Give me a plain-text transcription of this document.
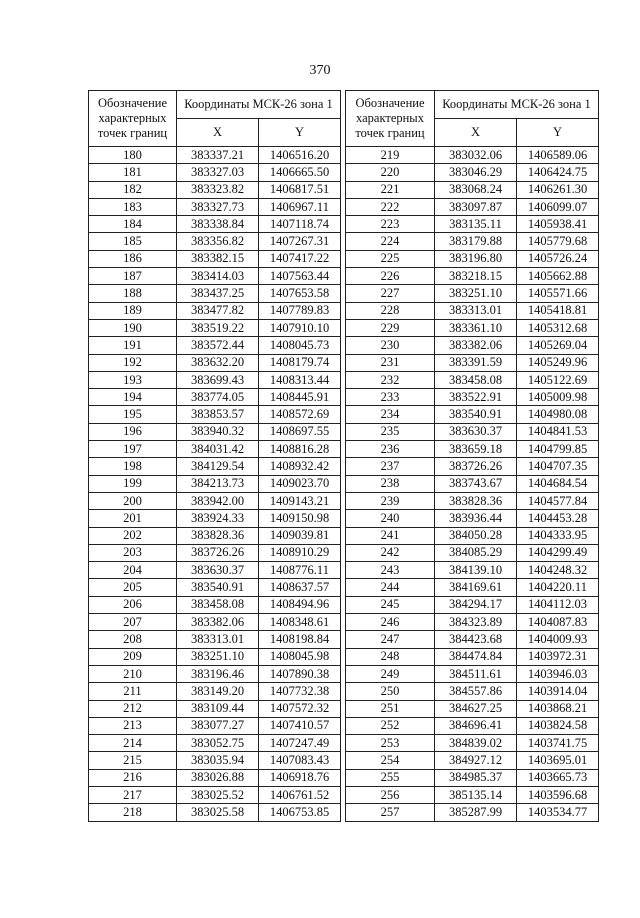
370
Обозначение характерных точек границ	Координаты МСК-26 зона 1	
	X	Y
180	383337.21	1406516.20
181	383327.03	1406665.50
182	383323.82	1406817.51
183	383327.73	1406967.11
184	383338.84	1407118.74
185	383356.82	1407267.31
186	383382.15	1407417.22
187	383414.03	1407563.44
188	383437.25	1407653.58
189	383477.82	1407789.83
190	383519.22	1407910.10
191	383572.44	1408045.73
192	383632.20	1408179.74
193	383699.43	1408313.44
194	383774.05	1408445.91
195	383853.57	1408572.69
196	383940.32	1408697.55
197	384031.42	1408816.28
198	384129.54	1408932.42
199	384213.73	1409023.70
200	383942.00	1409143.21
201	383924.33	1409150.98
202	383828.36	1409039.81
203	383726.26	1408910.29
204	383630.37	1408776.11
205	383540.91	1408637.57
206	383458.08	1408494.96
207	383382.06	1408348.61
208	383313.01	1408198.84
209	383251.10	1408045.98
210	383196.46	1407890.38
211	383149.20	1407732.38
212	383109.44	1407572.32
213	383077.27	1407410.57
214	383052.75	1407247.49
215	383035.94	1407083.43
216	383026.88	1406918.76
217	383025.52	1406761.52
218	383025.58	1406753.85
Обозначение характерных точек границ	Координаты МСК-26 зона 1	
	X	Y
219	383032.06	1406589.06
220	383046.29	1406424.75
221	383068.24	1406261.30
222	383097.87	1406099.07
223	383135.11	1405938.41
224	383179.88	1405779.68
225	383196.80	1405726.24
226	383218.15	1405662.88
227	383251.10	1405571.66
228	383313.01	1405418.81
229	383361.10	1405312.68
230	383382.06	1405269.04
231	383391.59	1405249.96
232	383458.08	1405122.69
233	383522.91	1405009.98
234	383540.91	1404980.08
235	383630.37	1404841.53
236	383659.18	1404799.85
237	383726.26	1404707.35
238	383743.67	1404684.54
239	383828.36	1404577.84
240	383936.44	1404453.28
241	384050.28	1404333.95
242	384085.29	1404299.49
243	384139.10	1404248.32
244	384169.61	1404220.11
245	384294.17	1404112.03
246	384323.89	1404087.83
247	384423.68	1404009.93
248	384474.84	1403972.31
249	384511.61	1403946.03
250	384557.86	1403914.04
251	384627.25	1403868.21
252	384696.41	1403824.58
253	384839.02	1403741.75
254	384927.12	1403695.01
255	384985.37	1403665.73
256	385135.14	1403596.68
257	385287.99	1403534.77
